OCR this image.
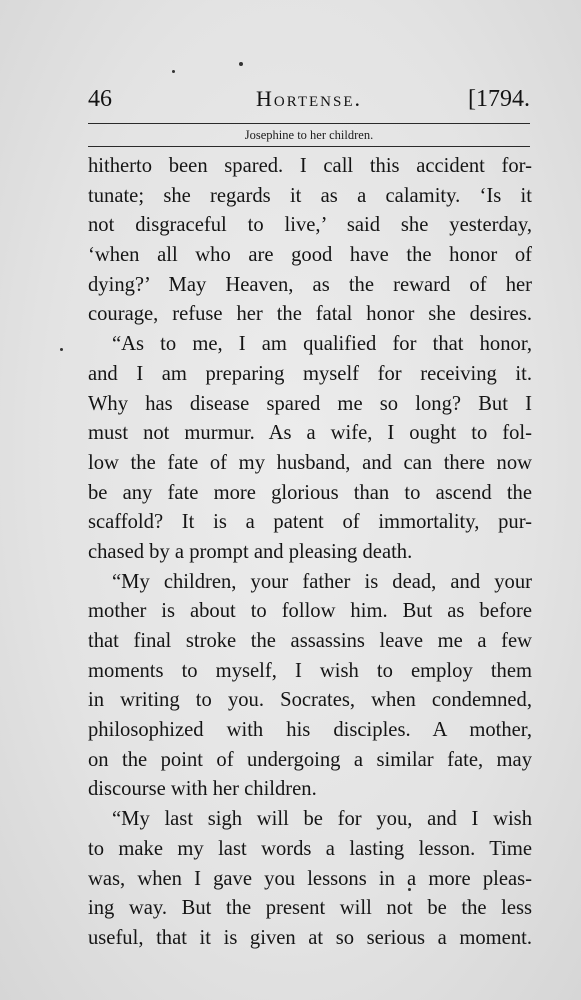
46	Hortense.	[1794.
Josephine to her children.
hitherto been spared. I call this accident for-
tunate; she regards it as a calamity. ‘Is it
not disgraceful to live,’ said she yesterday,
‘when all who are good have the honor of
dying?’ May Heaven, as the reward of her
courage, refuse her the fatal honor she desires.
“As to me, I am qualified for that honor,
and I am preparing myself for receiving it.
Why has disease spared me so long? But I
must not murmur. As a wife, I ought to fol-
low the fate of my husband, and can there now
be any fate more glorious than to ascend the
scaffold? It is a patent of immortality, pur-
chased by a prompt and pleasing death.
“My children, your father is dead, and your
mother is about to follow him. But as before
that final stroke the assassins leave me a few
moments to myself, I wish to employ them
in writing to you. Socrates, when condemned,
philosophized with his disciples. A mother,
on the point of undergoing a similar fate, may
discourse with her children.
“My last sigh will be for you, and I wish
to make my last words a lasting lesson. Time
was, when I gave you lessons in a more pleas-
ing way. But the present will not be the less
useful, that it is given at so serious a moment.
